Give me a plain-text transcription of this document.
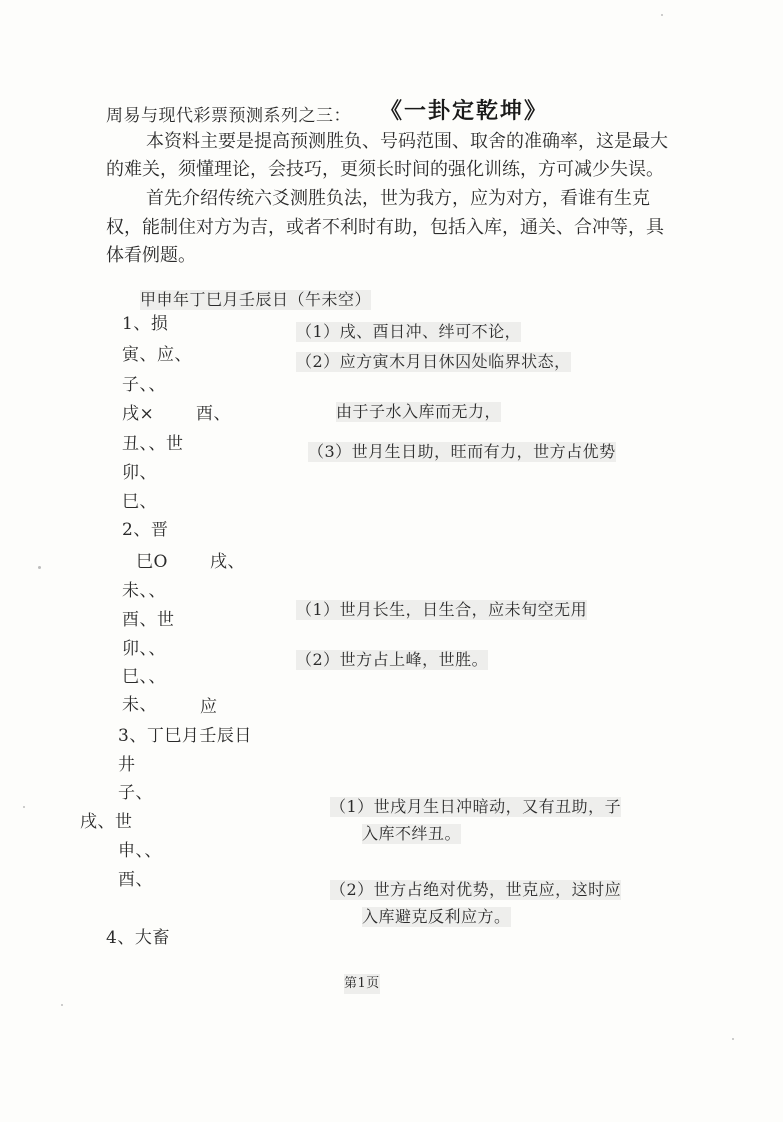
周易与现代彩票预测系列之三： 《一卦定乾坤》
本资料主要是提高预测胜负、号码范围、取舍的准确率，这是最大
的难关，须懂理论，会技巧，更须长时间的强化训练，方可减少失误。
首先介绍传统六爻测胜负法，世为我方，应为对方，看谁有生克
权，能制住对方为吉，或者不利时有助，包括入库，通关、合冲等，具
体看例题。
甲申年丁巳月壬辰日（午未空）
1、损
寅、应、
子、、
戌× 酉、
丑、、世
卯、
巳、
（1）戌、酉日冲、绊可不论，
（2）应方寅木月日休囚处临界状态，
由于子水入库而无力，
（3）世月生日助，旺而有力，世方占优势
2、晋
巳O 戌、
未、、
酉、世
卯、、
巳、、
未、	应
（1）世月长生，日生合，应未旬空无用
（2）世方占上峰，世胜。
3、丁巳月壬辰日
井
子、
戌、世
申、、
酉、
（1）世戌月生日冲暗动，又有丑助，子
入库不绊丑。
（2）世方占绝对优势，世克应，这时应
入库避克反利应方。
4、大畜
第1页
